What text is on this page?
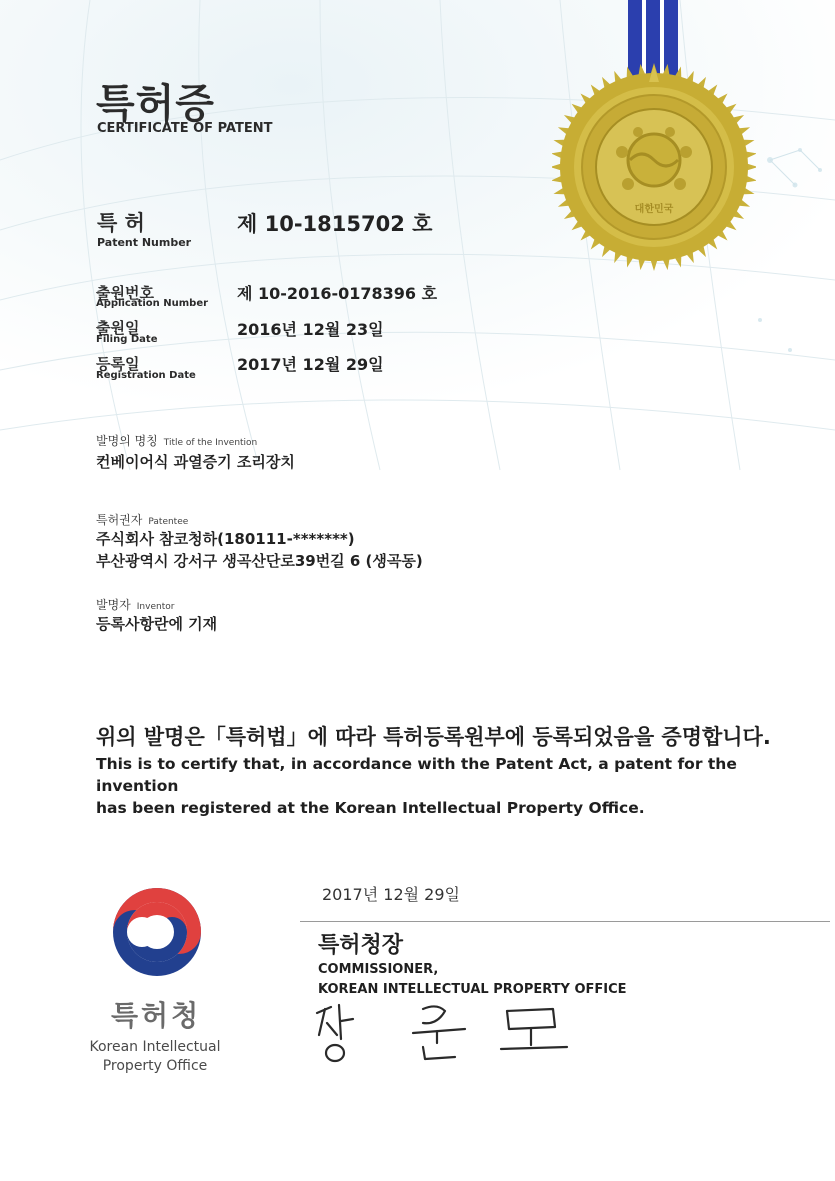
대한민국
특허증
CERTIFICATE OF PATENT
특 허
Patent Number
제 10-1815702 호
출원번호
Application Number
제 10-2016-0178396 호
출원일
Filing Date
2016년 12월 23일
등록일
Registration Date
2017년 12월 29일
발명의 명칭 Title of the Invention
컨베이어식 과열증기 조리장치
특허권자 Patentee
주식회사 참코청하(180111-*******)
부산광역시 강서구 생곡산단로39번길 6 (생곡동)
발명자 Inventor
등록사항란에 기재
위의 발명은「특허법」에 따라 특허등록원부에 등록되었음을 증명합니다.
This is to certify that, in accordance with the Patent Act, a patent for the invention
has been registered at the Korean Intellectual Property Office.
특허청
Korean Intellectual
Property Office
2017년 12월 29일
특허청장
COMMISSIONER,
KOREAN INTELLECTUAL PROPERTY OFFICE
